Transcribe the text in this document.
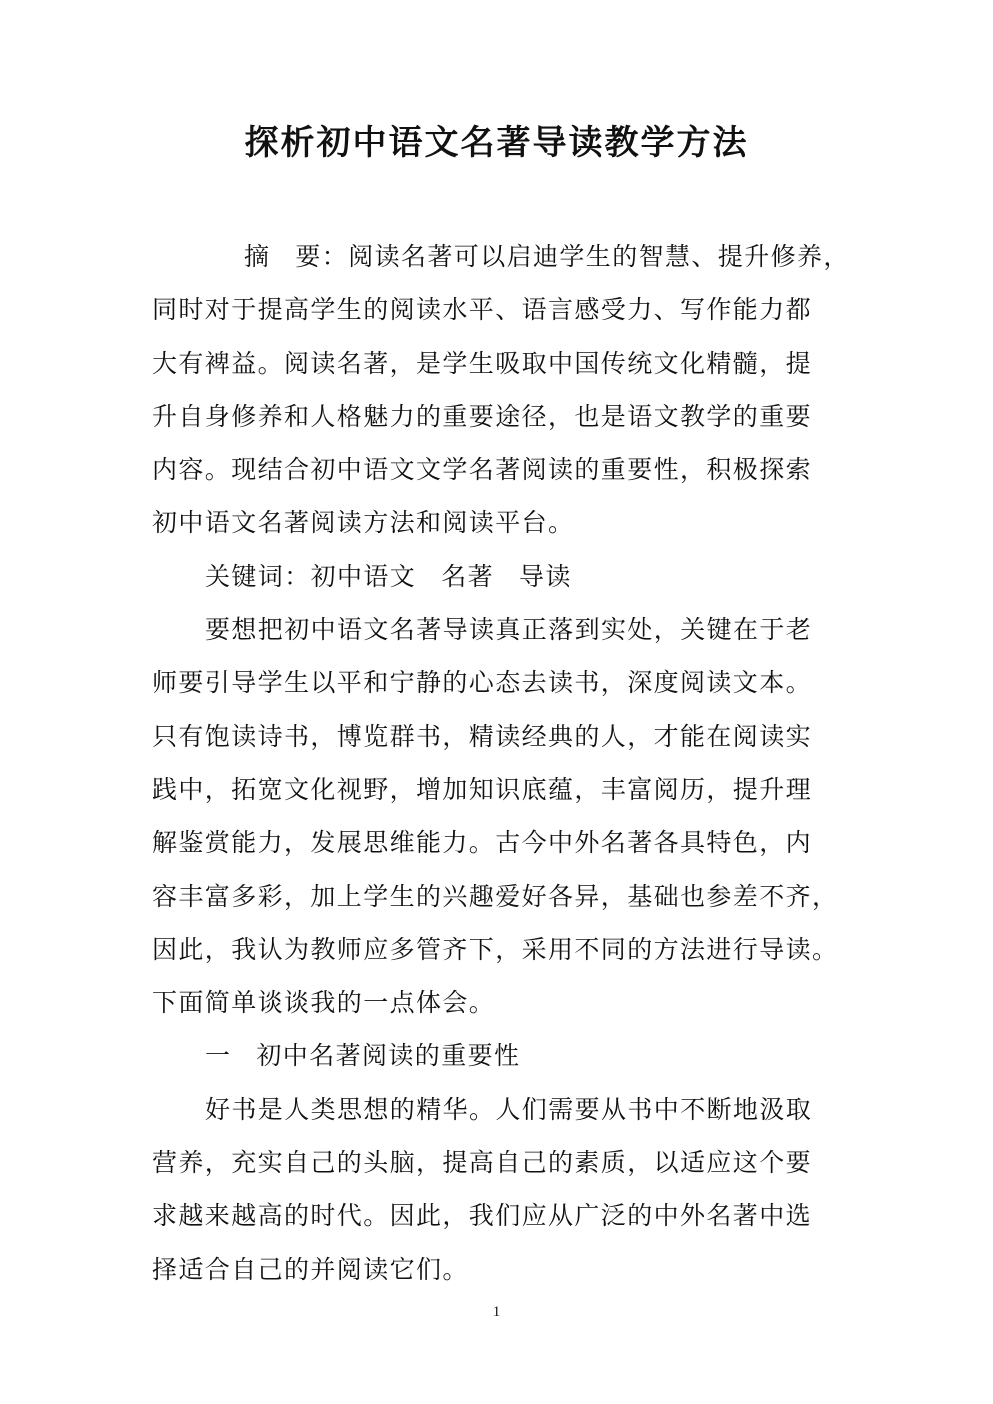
探析初中语文名著导读教学方法
摘 要：阅读名著可以启迪学生的智慧、提升修养，
同时对于提高学生的阅读水平、语言感受力、写作能力都
大有裨益。阅读名著，是学生吸取中国传统文化精髓，提
升自身修养和人格魅力的重要途径，也是语文教学的重要
内容。现结合初中语文文学名著阅读的重要性，积极探索
初中语文名著阅读方法和阅读平台。
关键词：初中语文 名著 导读
要想把初中语文名著导读真正落到实处，关键在于老
师要引导学生以平和宁静的心态去读书，深度阅读文本。
只有饱读诗书，博览群书，精读经典的人，才能在阅读实
践中，拓宽文化视野，增加知识底蕴，丰富阅历，提升理
解鉴赏能力，发展思维能力。古今中外名著各具特色，内
容丰富多彩，加上学生的兴趣爱好各异，基础也参差不齐，
因此，我认为教师应多管齐下，采用不同的方法进行导读。
下面简单谈谈我的一点体会。
一 初中名著阅读的重要性
好书是人类思想的精华。人们需要从书中不断地汲取
营养，充实自己的头脑，提高自己的素质，以适应这个要
求越来越高的时代。因此，我们应从广泛的中外名著中选
择适合自己的并阅读它们。
1
